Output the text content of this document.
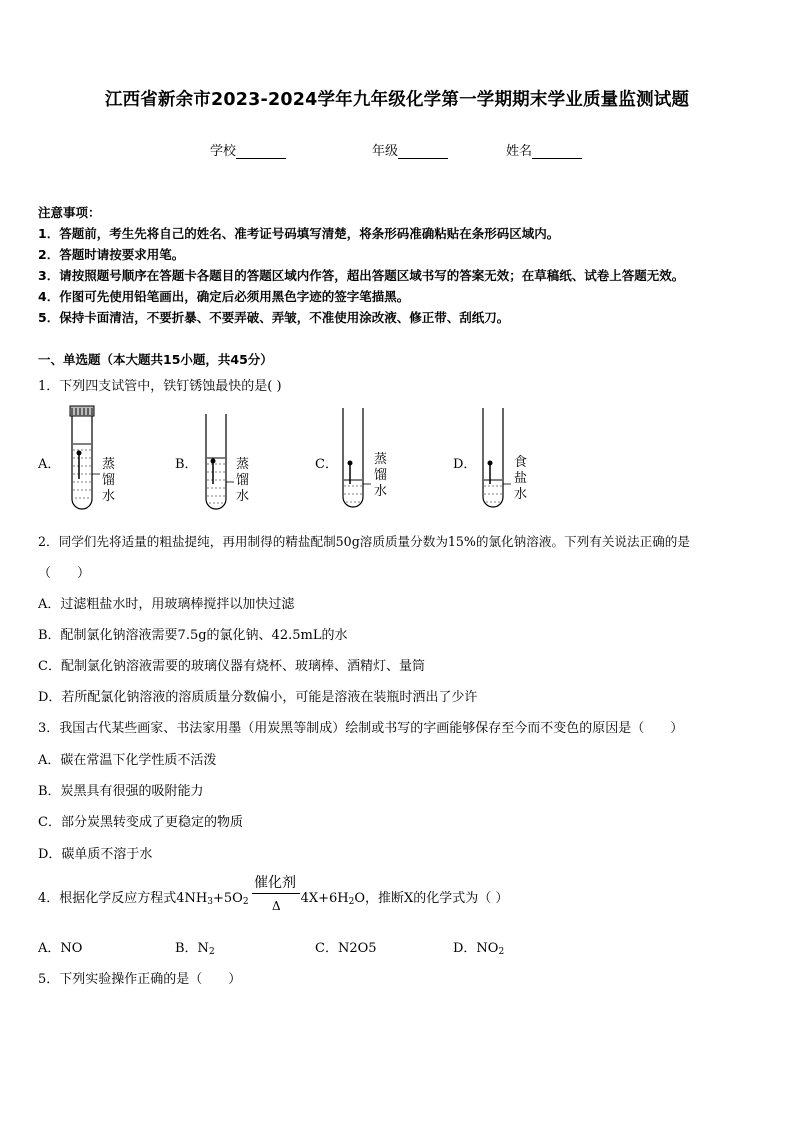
江西省新余市2023-2024学年九年级化学第一学期期末学业质量监测试题
学校	年级	姓名
注意事项：
1．答题前，考生先将自己的姓名、准考证号码填写清楚，将条形码准确粘贴在条形码区域内。
2．答题时请按要求用笔。
3．请按照题号顺序在答题卡各题目的答题区域内作答，超出答题区域书写的答案无效；在草稿纸、试卷上答题无效。
4．作图可先使用铅笔画出，确定后必须用黑色字迹的签字笔描黑。
5．保持卡面清洁，不要折暴、不要弄破、弄皱，不准使用涂改液、修正带、刮纸刀。
一、单选题（本大题共15小题，共45分）
1．下列四支试管中，铁钉锈蚀最快的是( )
A．	蒸
馏
水
B．	蒸
馏
水
C．	蒸
馏
水
D．	食
盐
水
2．同学们先将适量的粗盐提纯，再用制得的精盐配制50g溶质质量分数为15%的氯化钠溶液。下列有关说法正确的是
（　　）
A．过滤粗盐水时，用玻璃棒搅拌以加快过滤
B．配制氯化钠溶液需要7.5g的氯化钠、42.5mL的水
C．配制氯化钠溶液需要的玻璃仪器有烧杯、玻璃棒、酒精灯、量筒
D．若所配氯化钠溶液的溶质质量分数偏小，可能是溶液在装瓶时洒出了少许
3．我国古代某些画家、书法家用墨（用炭黑等制成）绘制或书写的字画能够保存至今而不变色的原因是（　　）
A．碳在常温下化学性质不活泼
B．炭黑具有很强的吸附能力
C．部分炭黑转变成了更稳定的物质
D．碳单质不溶于水
4．根据化学反应方程式$4NH_3+5O_2$	$4X+6H_2O$，推断X的化学式为（ ）
催化剂
Δ
A．NO	B．$N_2$	C．N2O5	D．$NO_2$
5．下列实验操作正确的是（　　）
